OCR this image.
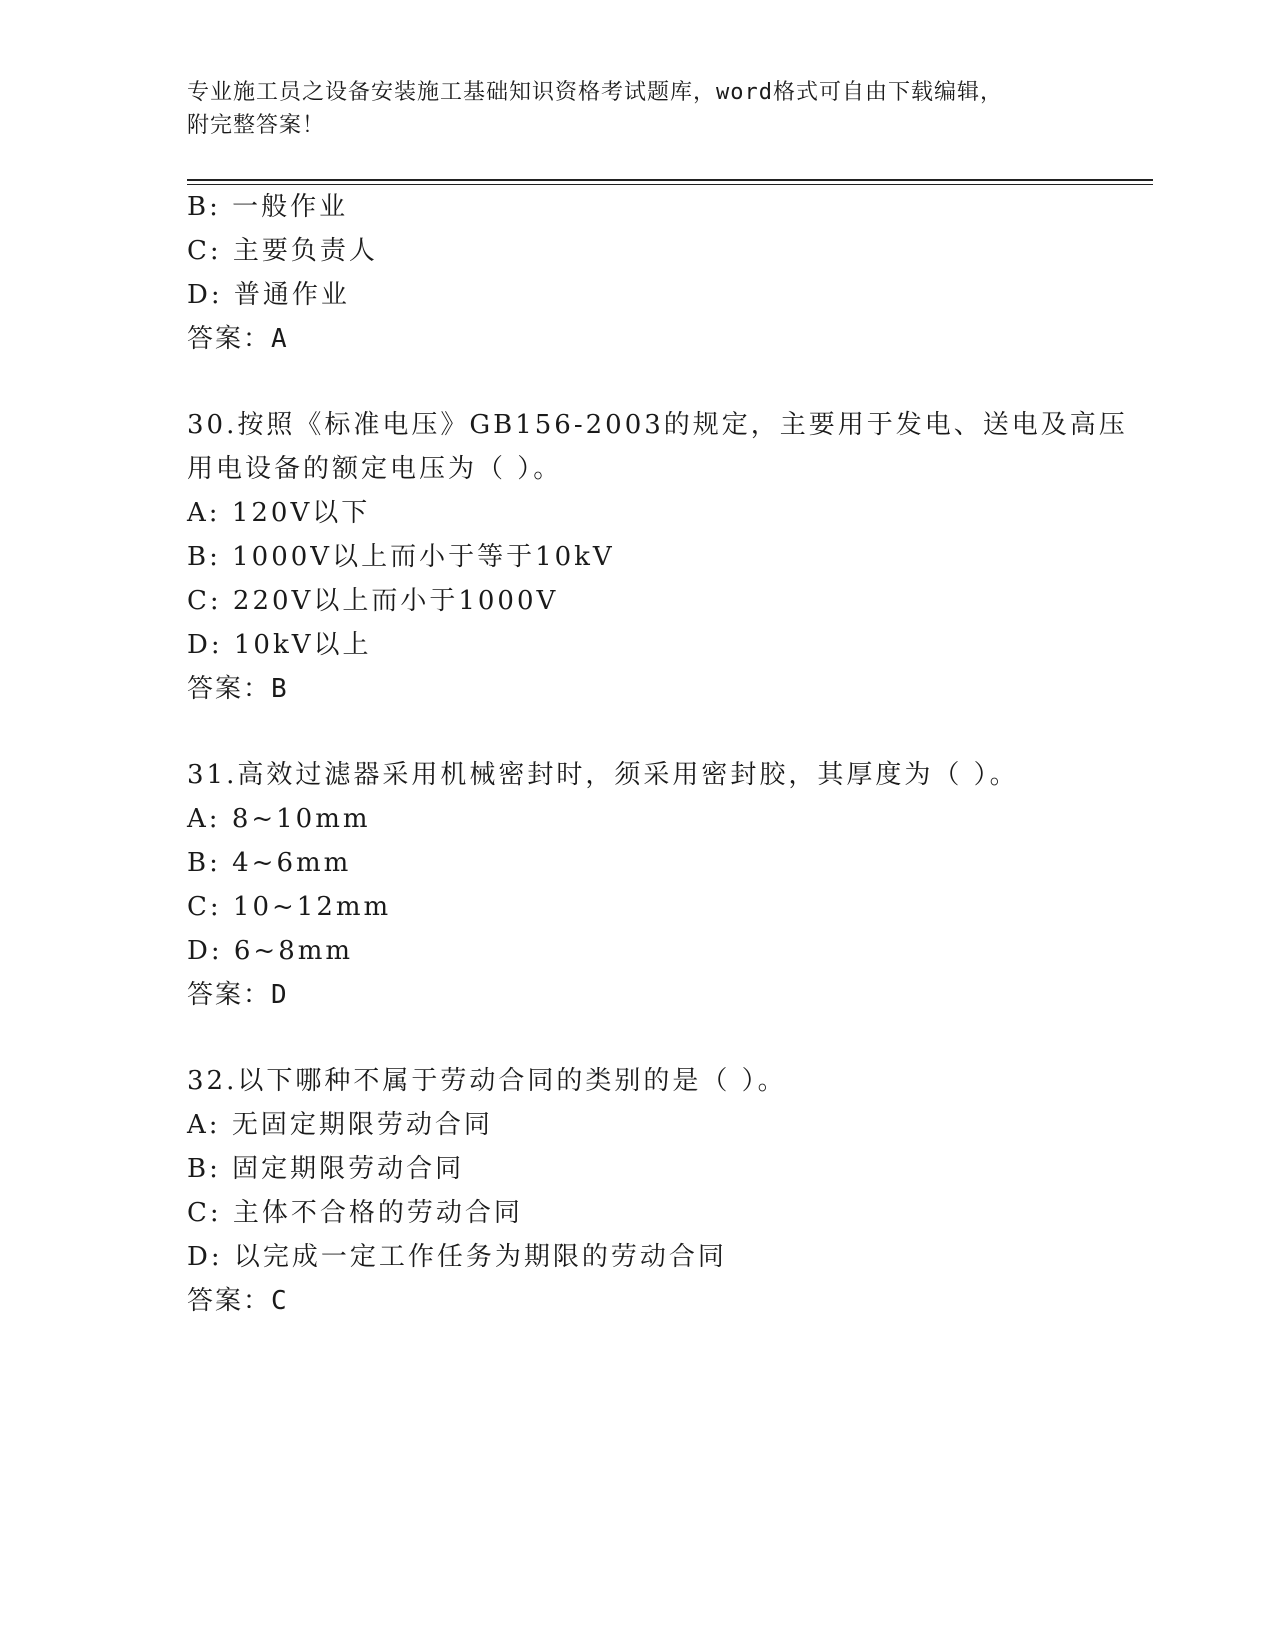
专业施工员之设备安装施工基础知识资格考试题库，word格式可自由下载编辑，
附完整答案！
B: 一般作业
C: 主要负责人
D: 普通作业
答案：A
30.按照《标准电压》GB156-2003的规定，主要用于发电、送电及高压
用电设备的额定电压为（ ）。
A: 120V以下
B: 1000V以上而小于等于10kV
C: 220V以上而小于1000V
D: 10kV以上
答案：B
31.高效过滤器采用机械密封时，须采用密封胶，其厚度为（ ）。
A: 8~10mm
B: 4~6mm
C: 10~12mm
D: 6~8mm
答案：D
32.以下哪种不属于劳动合同的类别的是（ ）。
A: 无固定期限劳动合同
B: 固定期限劳动合同
C: 主体不合格的劳动合同
D: 以完成一定工作任务为期限的劳动合同
答案：C
